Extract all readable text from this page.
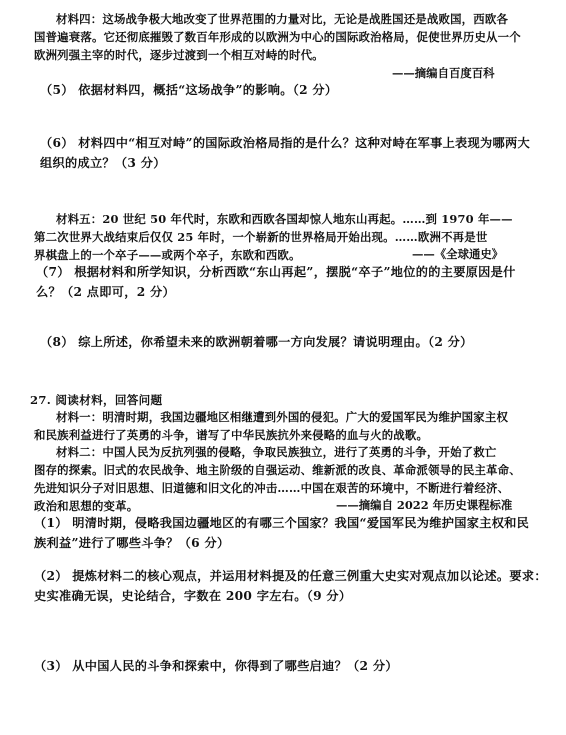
材料四：这场战争极大地改变了世界范围的力量对比，无论是战胜国还是战败国，西欧各
国普遍衰落。它还彻底摧毁了数百年形成的以欧洲为中心的国际政治格局，促使世界历史从一个
欧洲列强主宰的时代，逐步过渡到一个相互对峙的时代。
——摘编自百度百科
（5） 依据材料四，概括“这场战争”的影响。（2 分）
（6） 材料四中“相互对峙”的国际政治格局指的是什么？这种对峙在军事上表现为哪两大
组织的成立？（3 分）
材料五：20 世纪 50 年代时，东欧和西欧各国却惊人地东山再起。……到 1970 年——
第二次世界大战结束后仅仅 25 年时，一个崭新的世界格局开始出现。……欧洲不再是世
界棋盘上的一个卒子——或两个卒子，东欧和西欧。	——《全球通史》
（7） 根据材料和所学知识，分析西欧“东山再起”，摆脱“卒子”地位的的主要原因是什
么？（2 点即可，2 分）
（8） 综上所述，你希望未来的欧洲朝着哪一方向发展？请说明理由。（2 分）
27. 阅读材料，回答问题
材料一：明清时期，我国边疆地区相继遭到外国的侵犯。广大的爱国军民为维护国家主权
和民族利益进行了英勇的斗争，谱写了中华民族抗外来侵略的血与火的战歌。
材料二：中国人民为反抗列强的侵略，争取民族独立，进行了英勇的斗争，开始了救亡
图存的探索。旧式的农民战争、地主阶级的自强运动、维新派的改良、革命派领导的民主革命、
先进知识分子对旧思想、旧道德和旧文化的冲击……中国在艰苦的环境中，不断进行着经济、
政治和思想的变革。	——摘编自 2022 年历史课程标准
（1） 明清时期，侵略我国边疆地区的有哪三个国家？我国“爱国军民为维护国家主权和民
族利益”进行了哪些斗争？（6 分）
（2） 提炼材料二的核心观点，并运用材料提及的任意三例重大史实对观点加以论述。要求：
史实准确无误，史论结合，字数在 200 字左右。（9 分）
（3） 从中国人民的斗争和探索中，你得到了哪些启迪？（2 分）
